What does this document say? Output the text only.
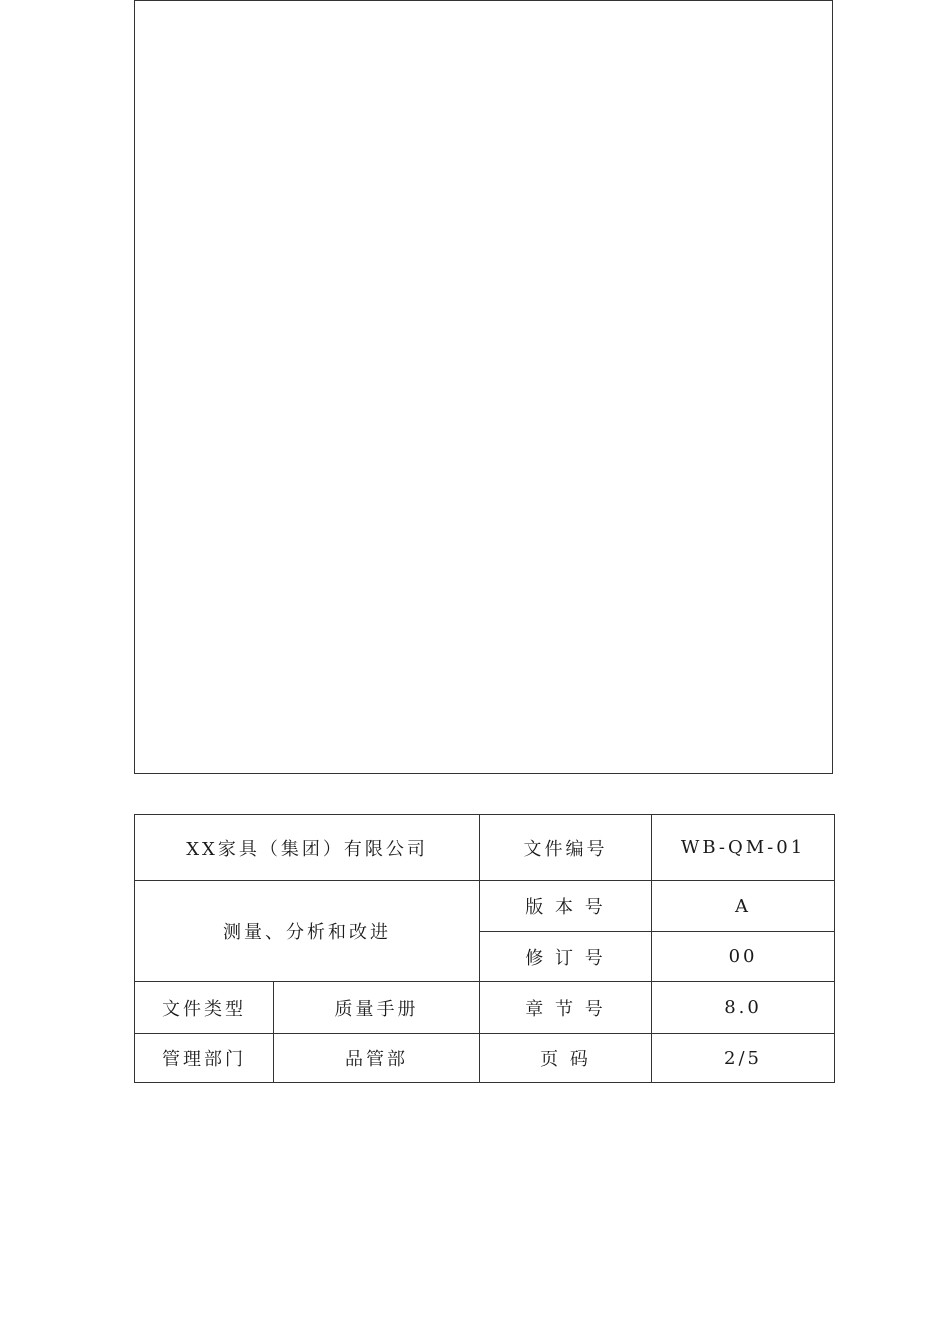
XX家具（集团）有限公司		文件编号	WB-QM-01
测量、分析和改进		版 本 号	A
		修 订 号	00
文件类型	质量手册	章 节 号	8.0
管理部门	品管部	页 码	2/5
